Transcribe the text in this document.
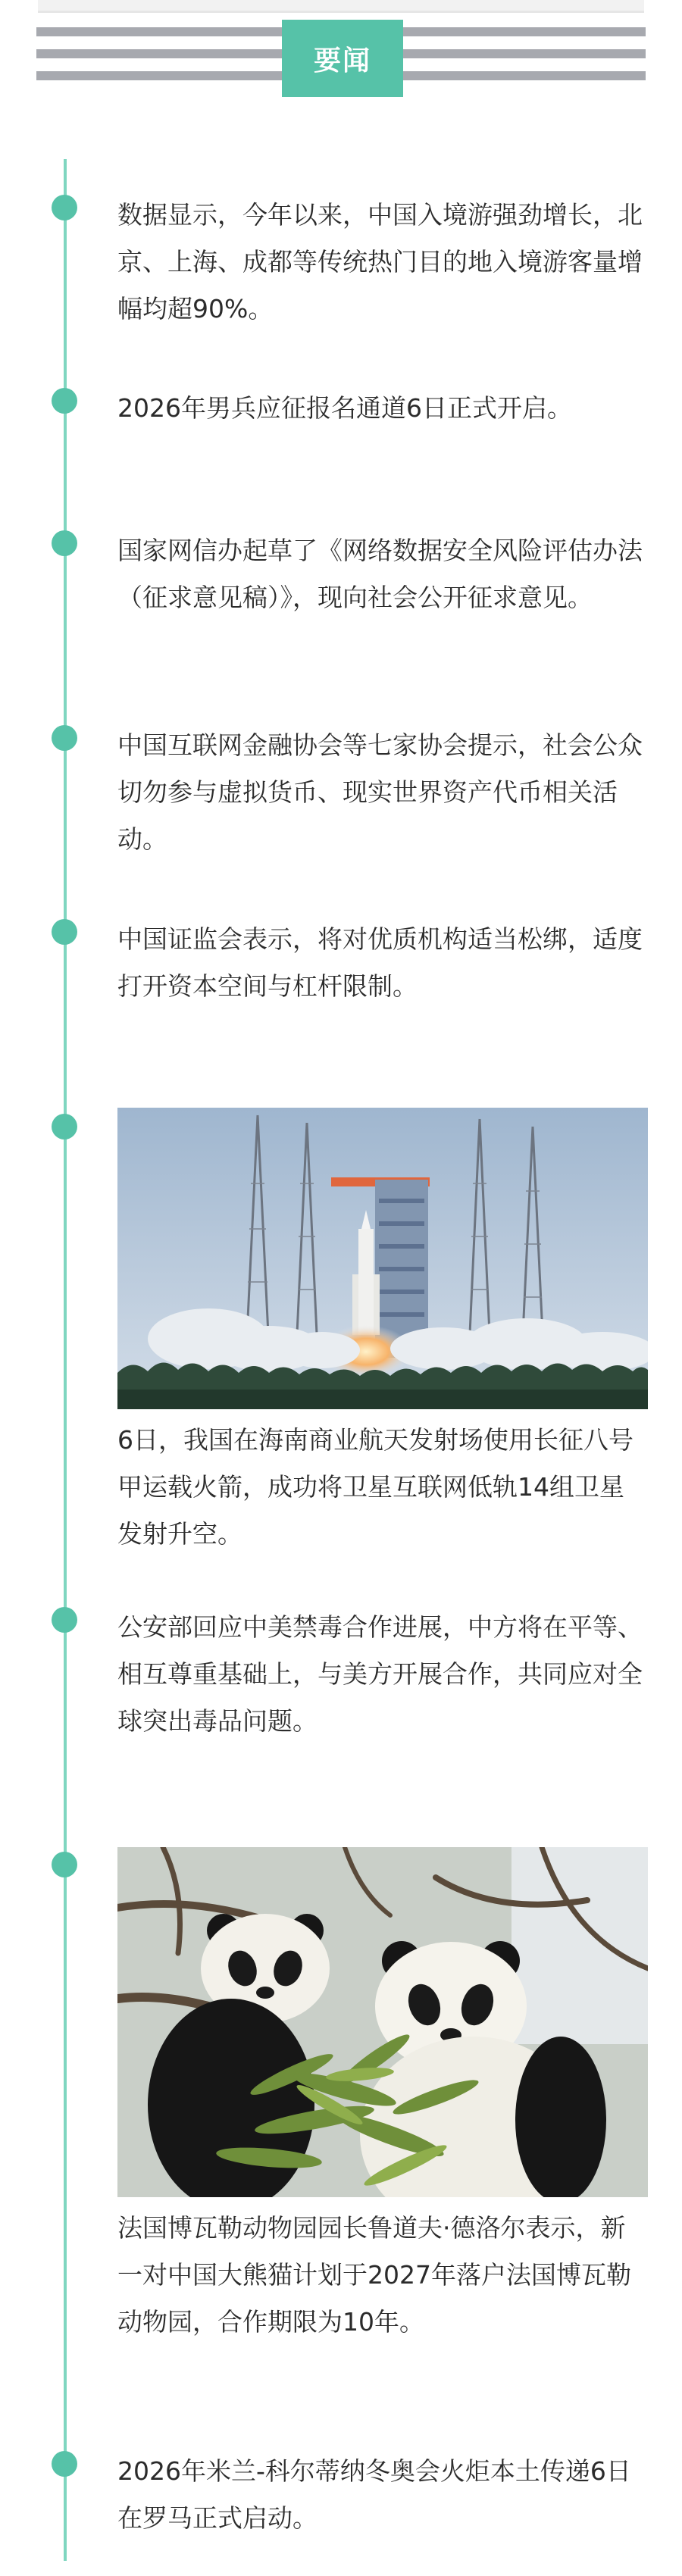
要闻

数据显示，今年以来，中国入境游强劲增长，北京、上海、成都等传统热门目的地入境游客量增幅均超90%。

2026年男兵应征报名通道6日正式开启。

国家网信办起草了《网络数据安全风险评估办法（征求意见稿）》，现向社会公开征求意见。

中国互联网金融协会等七家协会提示，社会公众切勿参与虚拟货币、现实世界资产代币相关活动。

中国证监会表示，将对优质机构适当松绑，适度打开资本空间与杠杆限制。

6日，我国在海南商业航天发射场使用长征八号甲运载火箭，成功将卫星互联网低轨14组卫星发射升空。

公安部回应中美禁毒合作进展，中方将在平等、相互尊重基础上，与美方开展合作，共同应对全球突出毒品问题。

法国博瓦勒动物园园长鲁道夫·德洛尔表示，新一对中国大熊猫计划于2027年落户法国博瓦勒动物园，合作期限为10年。

2026年米兰-科尔蒂纳冬奥会火炬本土传递6日在罗马正式启动。
